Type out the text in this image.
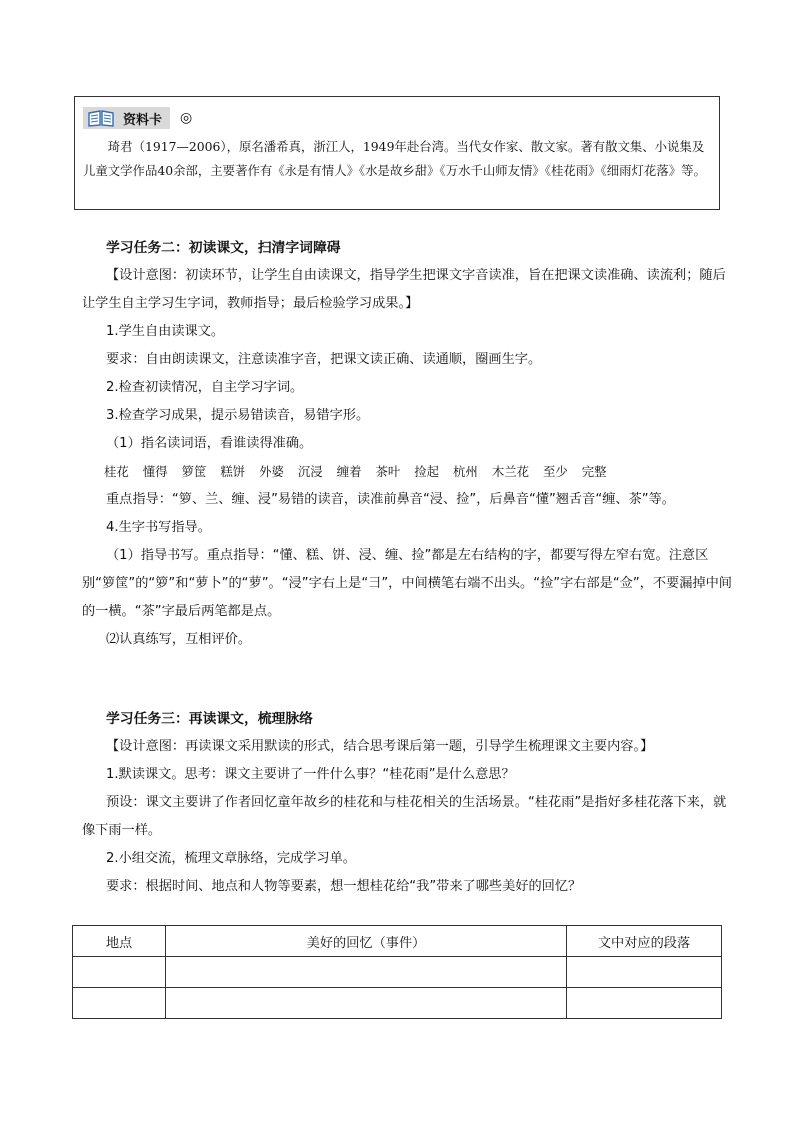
资料卡 ◎

琦君（1917—2006），原名潘希真，浙江人，1949年赴台湾。当代女作家、散文家。著有散文集、小说集及儿童文学作品40余部，主要著作有《永是有情人》《水是故乡甜》《万水千山师友情》《桂花雨》《细雨灯花落》等。

学习任务二：初读课文，扫清字词障碍

【设计意图：初读环节，让学生自由读课文，指导学生把课文字音读准，旨在把课文读准确、读流利；随后让学生自主学习生字词，教师指导；最后检验学习成果。】

1.学生自由读课文。

要求：自由朗读课文，注意读准字音，把课文读正确、读通顺，圈画生字。

2.检查初读情况，自主学习字词。

3.检查学习成果，提示易错读音，易错字形。

（1）指名读词语，看谁读得准确。

桂花 懂得 箩筐 糕饼 外婆 沉浸 缠着 茶叶 捡起 杭州 木兰花 至少 完整

重点指导：“箩、兰、缠、浸”易错的读音，读准前鼻音“浸、捡”，后鼻音“懂”翘舌音“缠、茶”等。

4.生字书写指导。

（1）指导书写。重点指导：“懂、糕、饼、浸、缠、捡”都是左右结构的字，都要写得左窄右宽。注意区别“箩筐”的“箩”和“萝卜”的“萝”。“浸”字右上是“彐”，中间横笔右端不出头。“捡”字右部是“佥”，不要漏掉中间的一横。“茶”字最后两笔都是点。

⑵认真练写，互相评价。

学习任务三：再读课文，梳理脉络

【设计意图：再读课文采用默读的形式，结合思考课后第一题，引导学生梳理课文主要内容。】

1.默读课文。思考：课文主要讲了一件什么事？“桂花雨”是什么意思？

预设：课文主要讲了作者回忆童年故乡的桂花和与桂花相关的生活场景。“桂花雨”是指好多桂花落下来，就像下雨一样。

2.小组交流，梳理文章脉络，完成学习单。

要求：根据时间、地点和人物等要素，想一想桂花给“我”带来了哪些美好的回忆？

地点	美好的回忆（事件）	文中对应的段落
